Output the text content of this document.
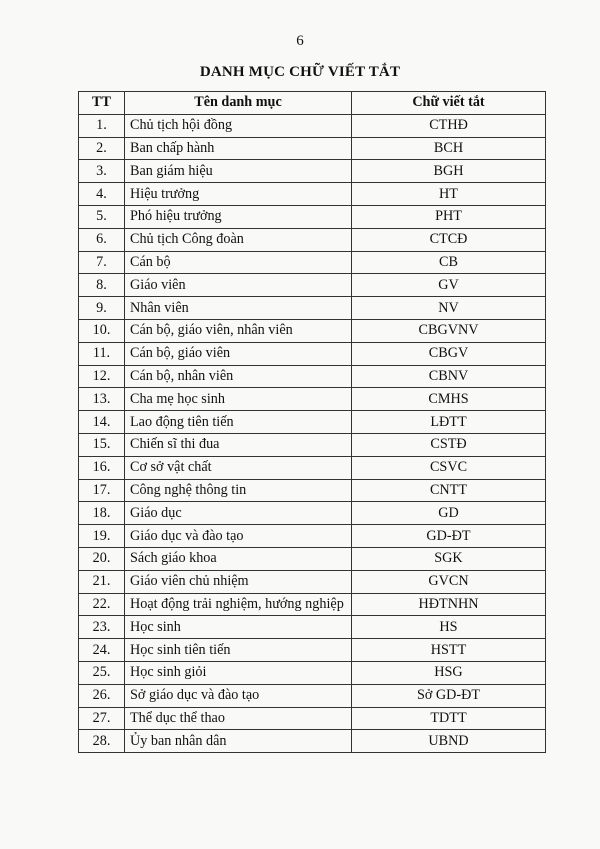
6
DANH MỤC CHỮ VIẾT TẮT
TT	Tên danh mục	Chữ viết tắt
1.	Chủ tịch hội đồng	CTHĐ
2.	Ban chấp hành	BCH
3.	Ban giám hiệu	BGH
4.	Hiệu trưởng	HT
5.	Phó hiệu trưởng	PHT
6.	Chủ tịch Công đoàn	CTCĐ
7.	Cán bộ	CB
8.	Giáo viên	GV
9.	Nhân viên	NV
10.	Cán bộ, giáo viên, nhân viên	CBGVNV
11.	Cán bộ, giáo viên	CBGV
12.	Cán bộ, nhân viên	CBNV
13.	Cha mẹ học sinh	CMHS
14.	Lao động tiên tiến	LĐTT
15.	Chiến sĩ thi đua	CSTĐ
16.	Cơ sở vật chất	CSVC
17.	Công nghệ thông tin	CNTT
18.	Giáo dục	GD
19.	Giáo dục và đào tạo	GD-ĐT
20.	Sách giáo khoa	SGK
21.	Giáo viên chủ nhiệm	GVCN
22.	Hoạt động trải nghiệm, hướng nghiệp	HĐTNHN
23.	Học sinh	HS
24.	Học sinh tiên tiến	HSTT
25.	Học sinh giỏi	HSG
26.	Sở giáo dục và đào tạo	Sở GD-ĐT
27.	Thể dục thể thao	TDTT
28.	Ủy ban nhân dân	UBND
